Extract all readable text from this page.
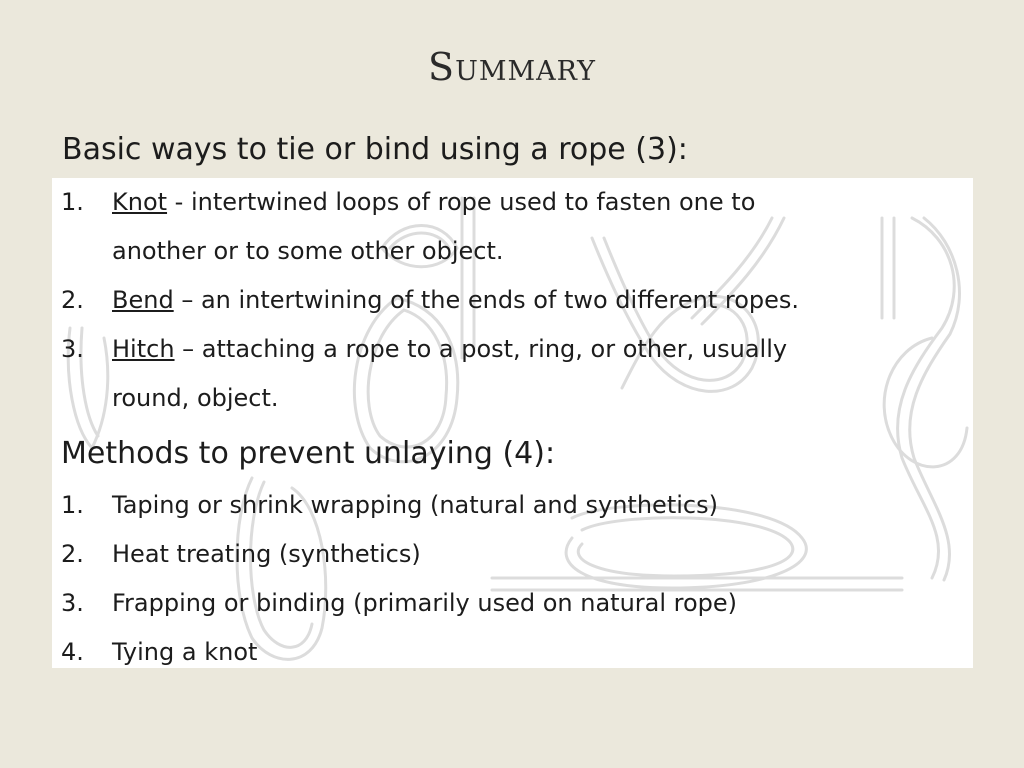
Summary
Basic ways to tie or bind using a rope (3):
1. Knot - intertwined loops of rope used to fasten one to
another or to some other object.
2. Bend – an intertwining of the ends of two different ropes.
3. Hitch – attaching a rope to a post, ring, or other, usually
round, object.
Methods to prevent unlaying (4):
1. Taping or shrink wrapping (natural and synthetics)
2. Heat treating (synthetics)
3. Frapping or binding (primarily used on natural rope)
4. Tying a knot
